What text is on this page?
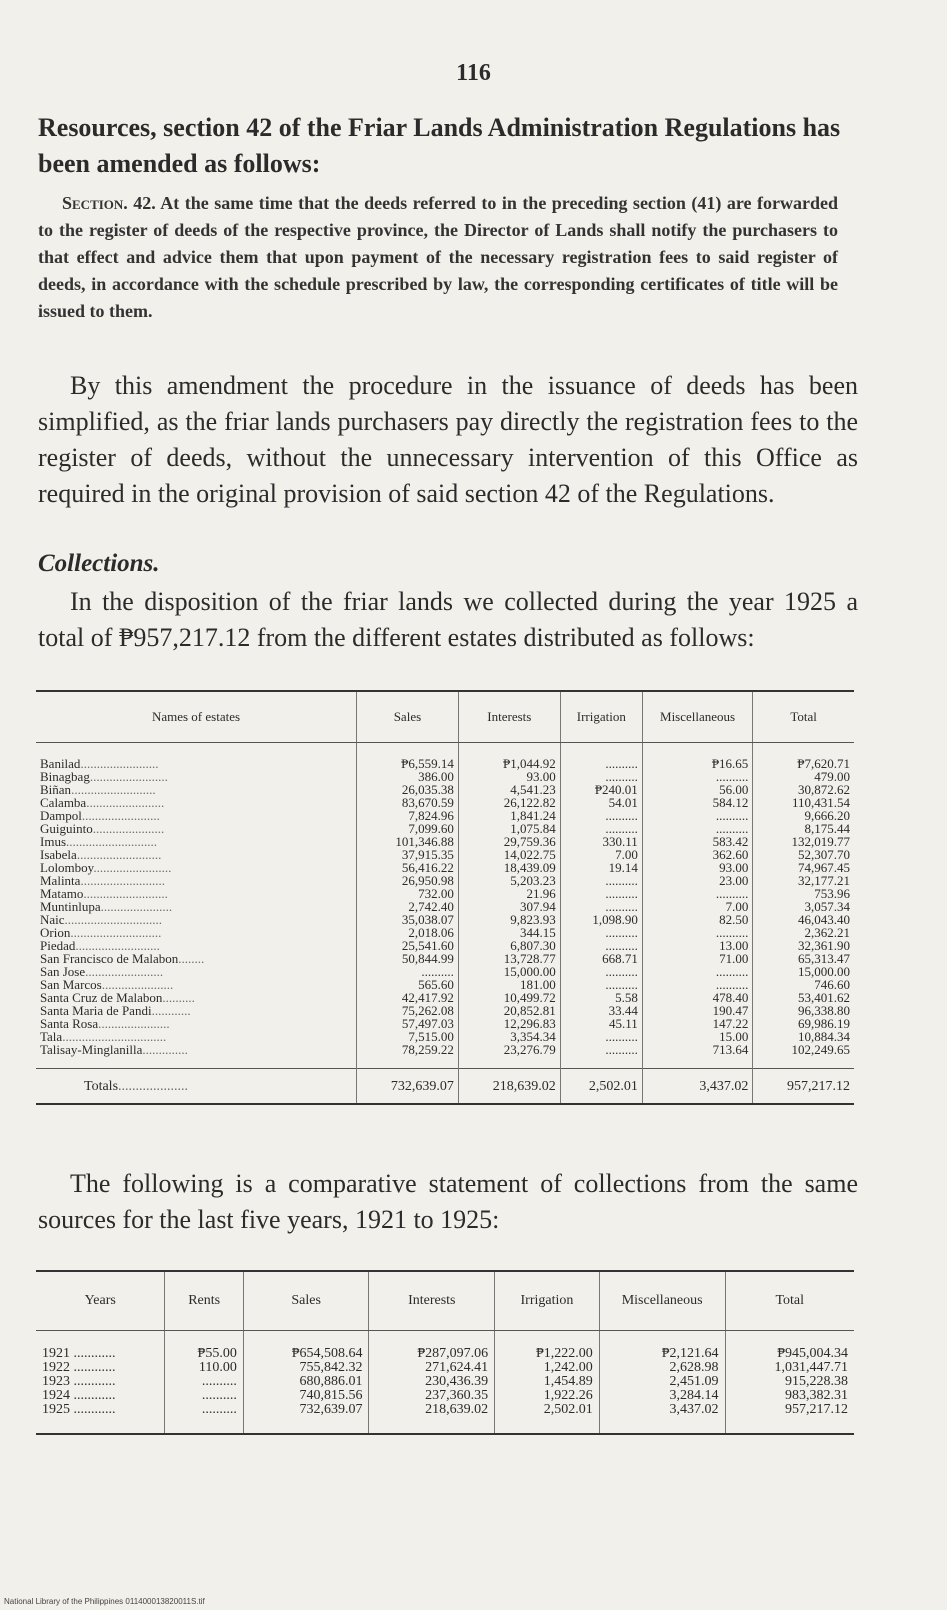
116
Resources, section 42 of the Friar Lands Administration Regulations has been amended as follows:
Section. 42. At the same time that the deeds referred to in the preceding section (41) are forwarded to the register of deeds of the respective province, the Director of Lands shall notify the purchasers to that effect and advice them that upon payment of the necessary registration fees to said register of deeds, in accordance with the schedule prescribed by law, the corresponding certificates of title will be issued to them.
By this amendment the procedure in the issuance of deeds has been simplified, as the friar lands purchasers pay directly the registration fees to the register of deeds, without the unnecessary intervention of this Office as required in the original provision of said section 42 of the Regulations.
Collections.
In the disposition of the friar lands we collected during the year 1925 a total of ₱957,217.12 from the different estates distributed as follows:
Names of estates	Sales	Interests	Irrigation	Miscellaneous	Total
Banilad........................	₱6,559.14	₱1,044.92	..........	₱16.65	₱7,620.71
Binagbag........................	386.00	93.00	..........	..........	479.00
Biñan..........................	26,035.38	4,541.23	₱240.01	56.00	30,872.62
Calamba........................	83,670.59	26,122.82	54.01	584.12	110,431.54
Dampol........................	7,824.96	1,841.24	..........	..........	9,666.20
Guiguinto......................	7,099.60	1,075.84	..........	..........	8,175.44
Imus............................	101,346.88	29,759.36	330.11	583.42	132,019.77
Isabela..........................	37,915.35	14,022.75	7.00	362.60	52,307.70
Lolomboy........................	56,416.22	18,439.09	19.14	93.00	74,967.45
Malinta..........................	26,950.98	5,203.23	..........	23.00	32,177.21
Matamo..........................	732.00	21.96	..........	..........	753.96
Muntinlupa......................	2,742.40	307.94	..........	7.00	3,057.34
Naic..............................	35,038.07	9,823.93	1,098.90	82.50	46,043.40
Orion............................	2,018.06	344.15	..........	..........	2,362.21
Piedad..........................	25,541.60	6,807.30	..........	13.00	32,361.90
San Francisco de Malabon........	50,844.99	13,728.77	668.71	71.00	65,313.47
San Jose........................	..........	15,000.00	..........	..........	15,000.00
San Marcos......................	565.60	181.00	..........	..........	746.60
Santa Cruz de Malabon..........	42,417.92	10,499.72	5.58	478.40	53,401.62
Santa Maria de Pandi............	75,262.08	20,852.81	33.44	190.47	96,338.80
Santa Rosa......................	57,497.03	12,296.83	45.11	147.22	69,986.19
Tala................................	7,515.00	3,354.34	..........	15.00	10,884.34
Talisay-Minglanilla..............	78,259.22	23,276.79	..........	713.64	102,249.65
Totals....................	732,639.07	218,639.02	2,502.01	3,437.02	957,217.12
The following is a comparative statement of collections from the same sources for the last five years, 1921 to 1925:
Years	Rents	Sales	Interests	Irrigation	Miscellaneous	Total
1921 ............	₱55.00	₱654,508.64	₱287,097.06	₱1,222.00	₱2,121.64	₱945,004.34
1922 ............	110.00	755,842.32	271,624.41	1,242.00	2,628.98	1,031,447.71
1923 ............	..........	680,886.01	230,436.39	1,454.89	2,451.09	915,228.38
1924 ............	..........	740,815.56	237,360.35	1,922.26	3,284.14	983,382.31
1925 ............	..........	732,639.07	218,639.02	2,502.01	3,437.02	957,217.12
National Library of the Philippines 011400013820011S.tif
